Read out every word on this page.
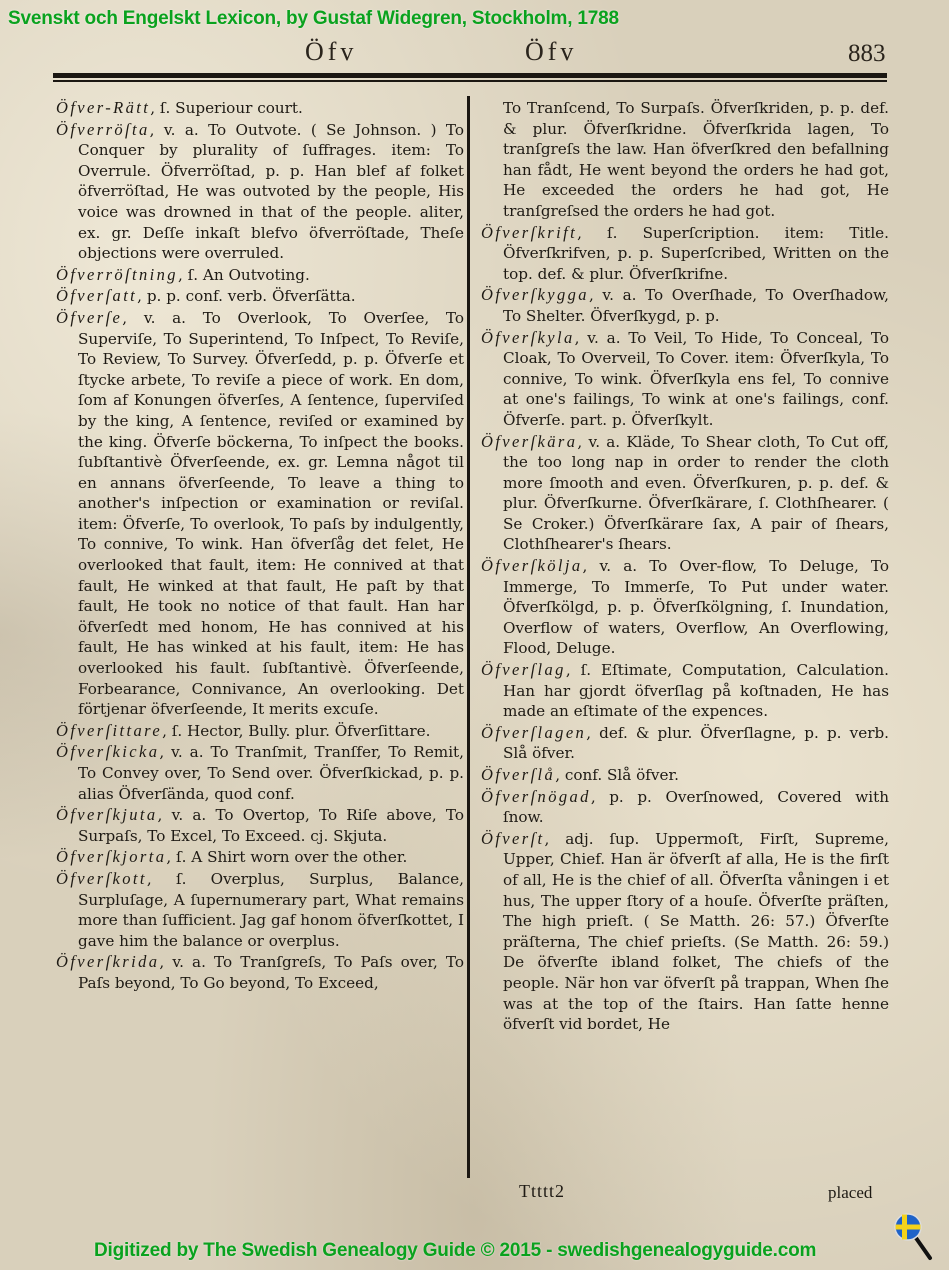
Svenskt och Engelskt Lexicon, by Gustaf Widegren, Stockholm, 1788
Öfv	Öfv	883

Öfver-Rätt, ſ. Superiour court.

Öfverröſta, v. a. To Outvote. ( Se Johnson. ) To Conquer by plurality of ſuffrages. item: To Overrule. Öfverröſtad, p. p. Han blef af folket öfverröſtad, He was outvoted by the people, His voice was drowned in that of the people. aliter, ex. gr. Deſſe inkaſt blefvo öfverröſtade, Theſe objections were overruled.

Öfverröſtning, ſ. An Outvoting.

Öfverſatt, p. p. conf. verb. Öfverſätta.

Öfverſe, v. a. To Overlook, To Overſee, To Superviſe, To Superintend, To Inſpect, To Reviſe, To Review, To Survey. Öfverſedd, p. p. Öfverſe et ſtycke arbete, To reviſe a piece of work. En dom, ſom af Konungen öfverſes, A ſentence, ſuperviſed by the king, A ſentence, reviſed or examined by the king. Öfverſe böckerna, To inſpect the books. ſubſtantivè Öfverſeende, ex. gr. Lemna något til en annans öfverſeende, To leave a thing to another's inſpection or examination or reviſal. item: Öfverſe, To overlook, To paſs by indulgently, To connive, To wink. Han öfverſåg det felet, He overlooked that fault, item: He connived at that fault, He winked at that fault, He paſt by that fault, He took no notice of that fault. Han har öfverſedt med honom, He has connived at his fault, He has winked at his fault, item: He has overlooked his fault. ſubſtantivè. Öfverſeende, Forbearance, Connivance, An overlooking. Det förtjenar öfverſeende, It merits excuſe.

Öfverſittare, ſ. Hector, Bully. plur. Öfverſittare.

Öfverſkicka, v. a. To Tranſmit, Tranſfer, To Remit, To Convey over, To Send over. Öfverſkickad, p. p. alias Öfverſända, quod conf.

Öfverſkjuta, v. a. To Overtop, To Riſe above, To Surpaſs, To Excel, To Exceed. cj. Skjuta.

Öfverſkjorta, ſ. A Shirt worn over the other.

Öfverſkott, ſ. Overplus, Surplus, Balance, Surpluſage, A ſupernumerary part, What remains more than ſufficient. Jag gaf honom öfverſkottet, I gave him the balance or overplus.

Öfverſkrida, v. a. To Tranſgreſs, To Paſs over, To Paſs beyond, To Go beyond, To Exceed,

To Tranſcend, To Surpaſs. Öfverſkriden, p. p. def. & plur. Öfverſkridne. Öfverſkrida lagen, To tranſgreſs the law. Han öfverſkred den befallning han fådt, He went beyond the orders he had got, He exceeded the orders he had got, He tranſgreſsed the orders he had got.

Öfverſkrift, ſ. Superſcription. item: Title. Öfverſkrifven, p. p. Superſcribed, Written on the top. def. & plur. Öfverſkrifne.

Öfverſkygga, v. a. To Overſhade, To Overſhadow, To Shelter. Öfverſkygd, p. p.

Öfverſkyla, v. a. To Veil, To Hide, To Conceal, To Cloak, To Overveil, To Cover. item: Öfverſkyla, To connive, To wink. Öfverſkyla ens fel, To connive at one's failings, To wink at one's failings, conf. Öfverſe. part. p. Öfverſkylt.

Öfverſkära, v. a. Kläde, To Shear cloth, To Cut off, the too long nap in order to render the cloth more ſmooth and even. Öfverſkuren, p. p. def. & plur. Öfverſkurne. Öfverſkärare, ſ. Clothſhearer. ( Se Croker.) Öfverſkärare ſax, A pair of ſhears, Clothſhearer's ſhears.

Öfverſkölja, v. a. To Over-flow, To Deluge, To Immerge, To Immerſe, To Put under water. Öfverſkölgd, p. p. Öfverſkölgning, ſ. Inundation, Overflow of waters, Overflow, An Overflowing, Flood, Deluge.

Öfverſlag, ſ. Eſtimate, Computation, Calculation. Han har gjordt öfverſlag på koſtnaden, He has made an eſtimate of the expences.

Öfverſlagen, def. & plur. Öfverſlagne, p. p. verb. Slå öfver.

Öfverſlå, conf. Slå öfver.

Öfverſnögad, p. p. Overſnowed, Covered with ſnow.

Öfverſt, adj. ſup. Uppermoſt, Firſt, Supreme, Upper, Chief. Han är öfverſt af alla, He is the firſt of all, He is the chief of all. Öfverſta våningen i et hus, The upper ſtory of a houſe. Öfverſte präſten, The high prieſt. ( Se Matth. 26: 57.) Öfverſte präſterna, The chief prieſts. (Se Matth. 26: 59.) De öfverſte ibland folket, The chiefs of the people. När hon var öfverſt på trappan, When ſhe was at the top of the ſtairs. Han ſatte henne öfverſt vid bordet, He

Ttttt2	placed
Digitized by The Swedish Genealogy Guide © 2015 - swedishgenealogyguide.com
